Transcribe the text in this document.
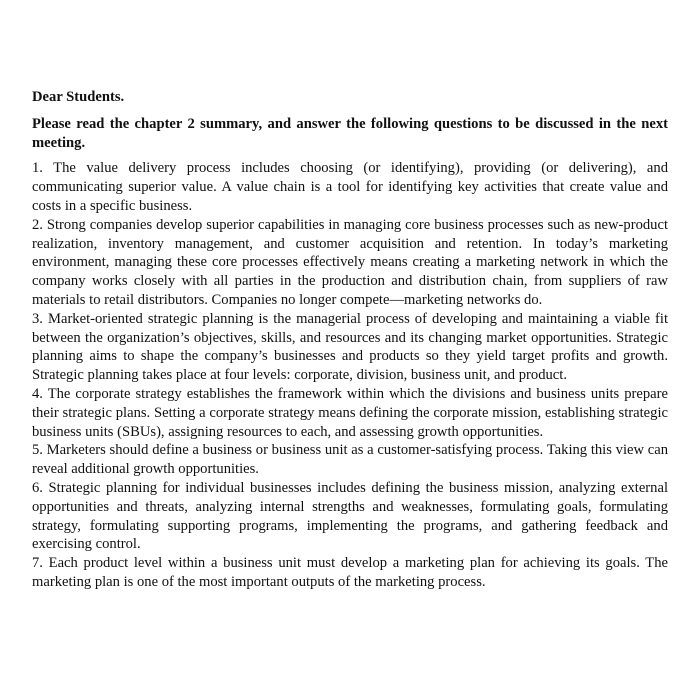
Dear Students.

Please read the chapter 2 summary, and answer the following questions to be discussed in the next meeting.

1. The value delivery process includes choosing (or identifying), providing (or delivering), and communicating superior value. A value chain is a tool for identifying key activities that create value and costs in a specific business.

2. Strong companies develop superior capabilities in managing core business processes such as new-product realization, inventory management, and customer acquisition and retention. In today’s marketing environment, managing these core processes effectively means creating a marketing network in which the company works closely with all parties in the production and distribution chain, from suppliers of raw materials to retail distributors. Companies no longer compete—marketing networks do.

3. Market-oriented strategic planning is the managerial process of developing and maintaining a viable fit between the organization’s objectives, skills, and resources and its changing market opportunities. Strategic planning aims to shape the company’s businesses and products so they yield target profits and growth. Strategic planning takes place at four levels: corporate, division, business unit, and product.

4. The corporate strategy establishes the framework within which the divisions and business units prepare their strategic plans. Setting a corporate strategy means defining the corporate mission, establishing strategic business units (SBUs), assigning resources to each, and assessing growth opportunities.

5. Marketers should define a business or business unit as a customer-satisfying process. Taking this view can reveal additional growth opportunities.

6. Strategic planning for individual businesses includes defining the business mission, analyzing external opportunities and threats, analyzing internal strengths and weaknesses, formulating goals, formulating strategy, formulating supporting programs, implementing the programs, and gathering feedback and exercising control.

7. Each product level within a business unit must develop a marketing plan for achieving its goals. The marketing plan is one of the most important outputs of the marketing process.
